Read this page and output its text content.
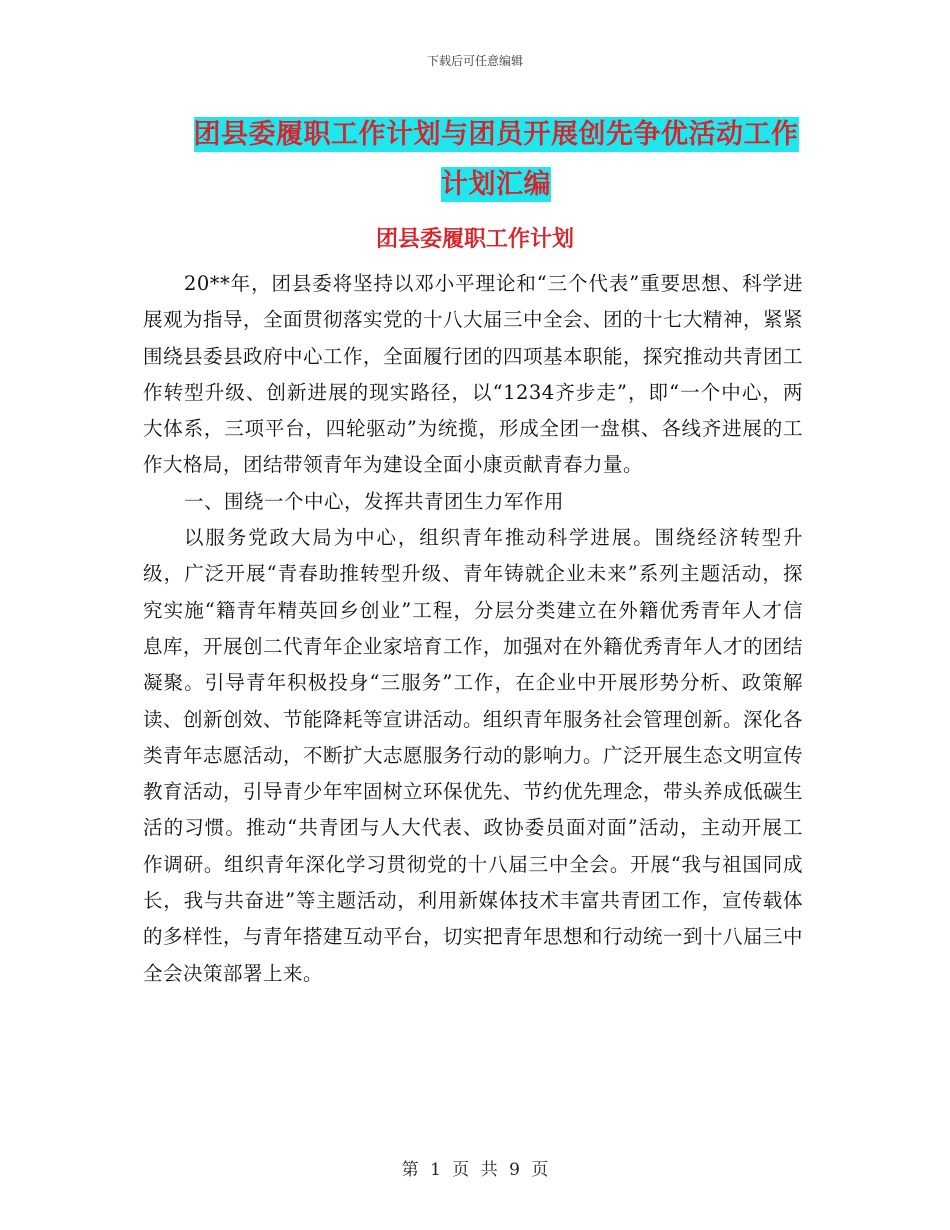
下载后可任意编辑
团县委履职工作计划与团员开展创先争优活动工作计划汇编
团县委履职工作计划

20**年，团县委将坚持以邓小平理论和“三个代表”重要思想、科学进展观为指导，全面贯彻落实党的十八大届三中全会、团的十七大精神，紧紧围绕县委县政府中心工作，全面履行团的四项基本职能，探究推动共青团工作转型升级、创新进展的现实路径，以“1234齐步走”，即“一个中心，两大体系，三项平台，四轮驱动”为统揽，形成全团一盘棋、各线齐进展的工作大格局，团结带领青年为建设全面小康贡献青春力量。

一、围绕一个中心，发挥共青团生力军作用

以服务党政大局为中心，组织青年推动科学进展。围绕经济转型升级，广泛开展“青春助推转型升级、青年铸就企业未来”系列主题活动，探究实施“籍青年精英回乡创业”工程，分层分类建立在外籍优秀青年人才信息库，开展创二代青年企业家培育工作，加强对在外籍优秀青年人才的团结凝聚。引导青年积极投身“三服务”工作，在企业中开展形势分析、政策解读、创新创效、节能降耗等宣讲活动。组织青年服务社会管理创新。深化各类青年志愿活动，不断扩大志愿服务行动的影响力。广泛开展生态文明宣传教育活动，引导青少年牢固树立环保优先、节约优先理念，带头养成低碳生活的习惯。推动“共青团与人大代表、政协委员面对面”活动，主动开展工作调研。组织青年深化学习贯彻党的十八届三中全会。开展“我与祖国同成长，我与共奋进”等主题活动，利用新媒体技术丰富共青团工作，宣传载体的多样性，与青年搭建互动平台，切实把青年思想和行动统一到十八届三中全会决策部署上来。

第 1 页 共 9 页
